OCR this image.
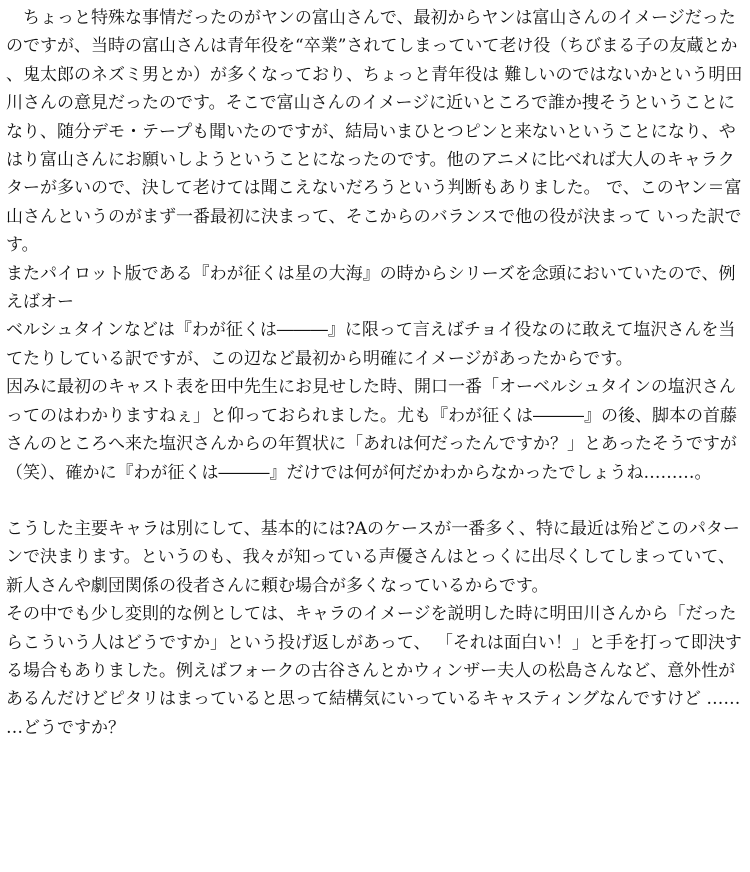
　ちょっと特殊な事情だったのがヤンの富山さんで、最初からヤンは富山さんのイメージだったのですが、当時の富山さんは青年役を“卒業”されてしまっていて老け役（ちびまる子の友蔵とか、鬼太郎のネズミ男とか）が多くなっており、ちょっと青年役は 難しいのではないかという明田川さんの意見だったのです。そこで富山さんのイメージに近いところで誰か捜そうということになり、随分デモ・テープも聞いたのですが、結局いまひとつピンと来ないということになり、やはり富山さんにお願いしようということになったのです。他のアニメに比べれば大人のキャラクターが多いので、決して老けては聞こえないだろうという判断もありました。 で、このヤン＝富山さんというのがまず一番最初に決まって、そこからのバランスで他の役が決まって いった訳です。

またパイロット版である『わが征くは星の大海』の時からシリーズを念頭においていたので、例えばオー

ベルシュタインなどは『わが征くは―――』に限って言えばチョイ役なのに敢えて塩沢さんを当てたりしている訳ですが、この辺など最初から明確にイメージがあったからです。

因みに最初のキャスト表を田中先生にお見せした時、開口一番「オーベルシュタインの塩沢さんってのはわかりますねぇ」と仰っておられました。尤も『わが征くは―――』の後、脚本の首藤さんのところへ来た塩沢さんからの年賀状に「あれは何だったんですか？」とあったそうですが（笑）、確かに『わが征くは―――』だけでは何が何だかわからなかったでしょうね………。

こうした主要キャラは別にして、基本的には?Aのケースが一番多く、特に最近は殆どこのパターンで決まります。というのも、我々が知っている声優さんはとっくに出尽くしてしまっていて、新人さんや劇団関係の役者さんに頼む場合が多くなっているからです。

その中でも少し変則的な例としては、キャラのイメージを説明した時に明田川さんから「だったらこういう人はどうですか」という投げ返しがあって、 「それは面白い！」と手を打って即決する場合もありました。例えばフォークの古谷さんとかウィンザー夫人の松島さんなど、意外性があるんだけどピタリはまっていると思って結構気にいっているキャスティングなんですけど ………どうですか？
